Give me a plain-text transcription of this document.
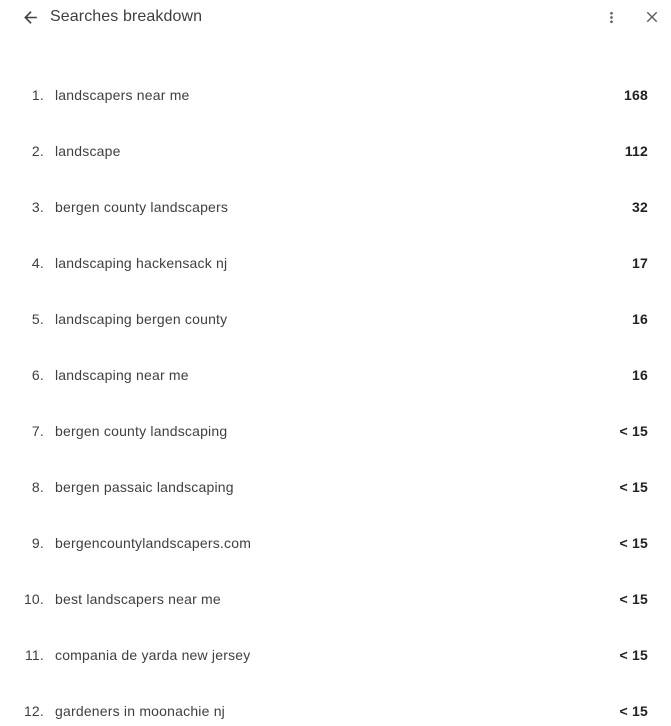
Searches breakdown
1. landscapers near me	168
2. landscape	112
3. bergen county landscapers	32
4. landscaping hackensack nj	17
5. landscaping bergen county	16
6. landscaping near me	16
7. bergen county landscaping	< 15
8. bergen passaic landscaping	< 15
9. bergencountylandscapers.com	< 15
10. best landscapers near me	< 15
11. compania de yarda new jersey	< 15
12. gardeners in moonachie nj	< 15
